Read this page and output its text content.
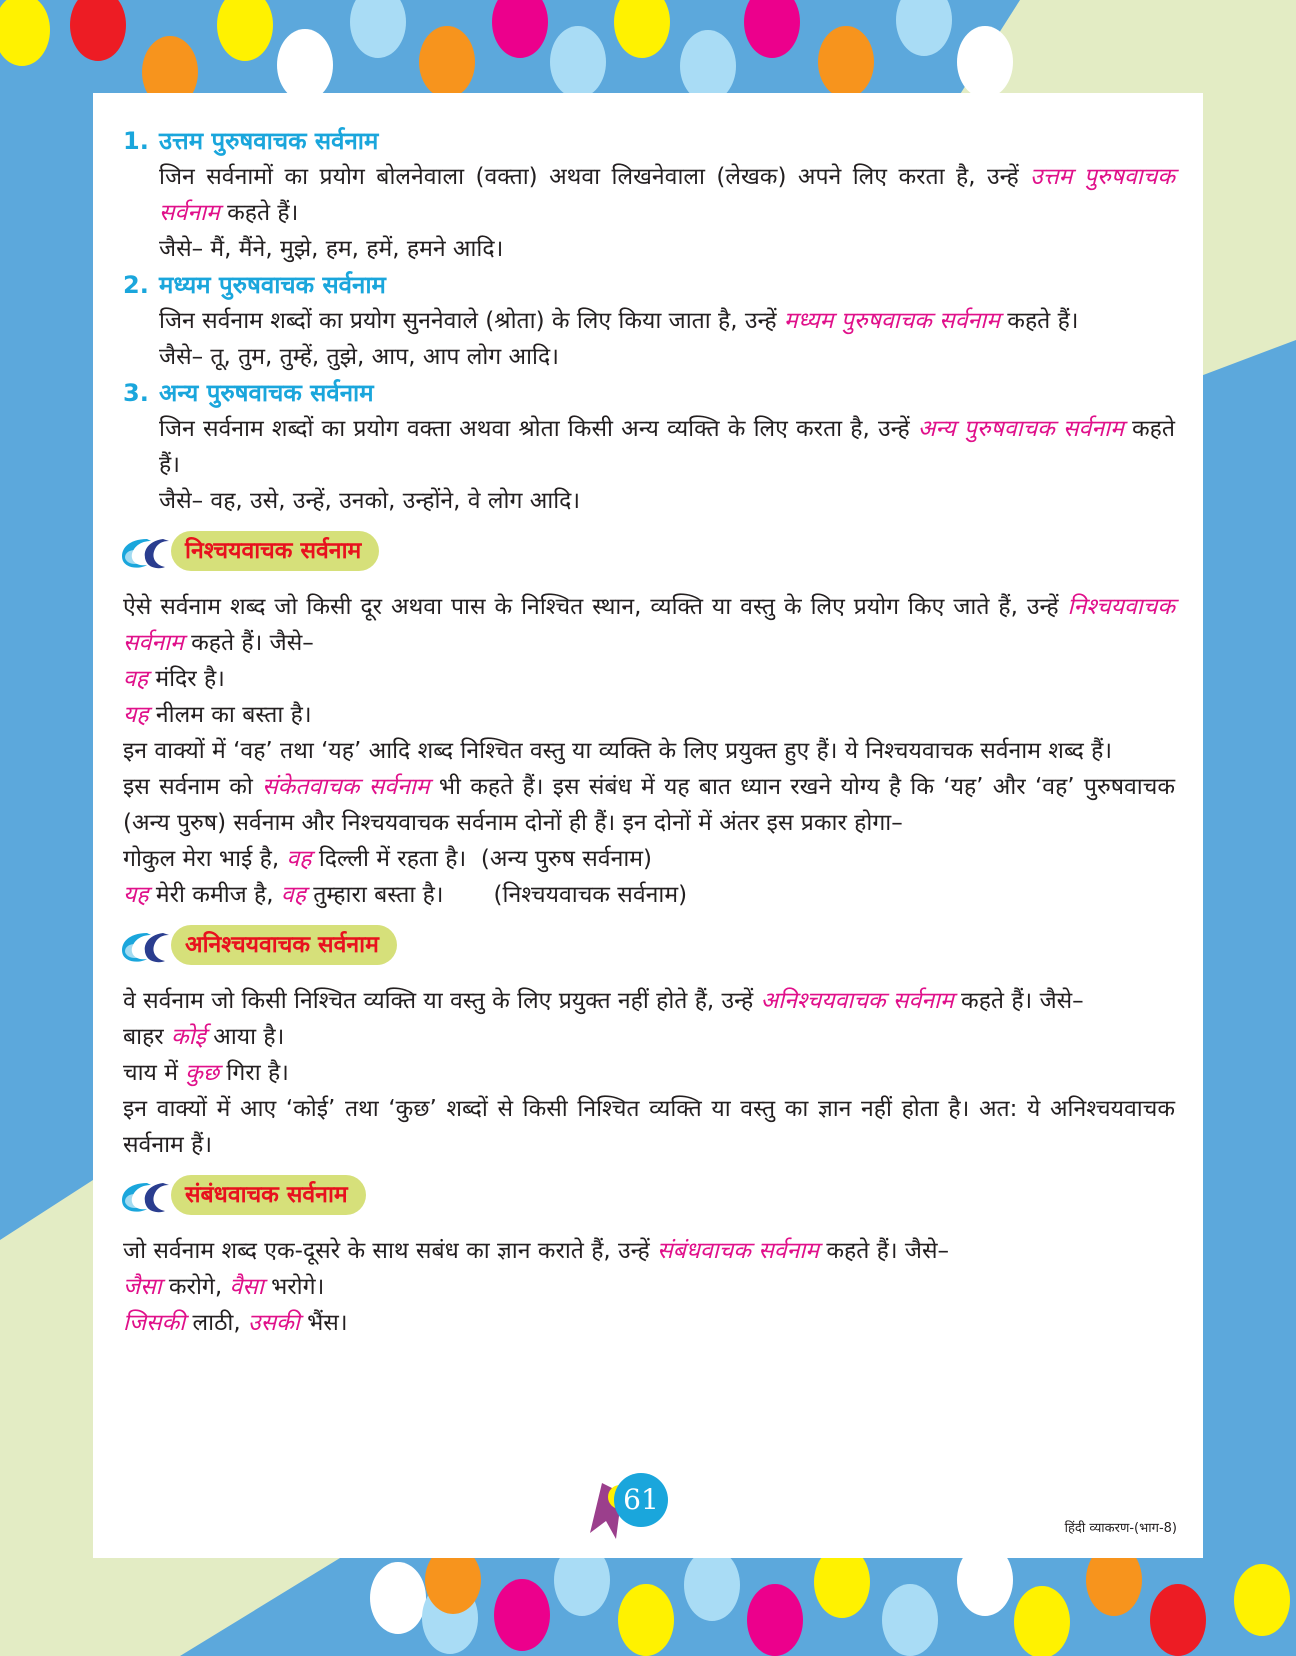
1. उत्तम पुरुषवाचक सर्वनाम
जिन सर्वनामों का प्रयोग बोलनेवाला (वक्ता) अथवा लिखनेवाला (लेखक) अपने लिए करता है, उन्हें उत्तम पुरुषवाचक सर्वनाम कहते हैं।
जैसे– मैं, मैंने, मुझे, हम, हमें, हमने आदि।
2. मध्यम पुरुषवाचक सर्वनाम
जिन सर्वनाम शब्दों का प्रयोग सुननेवाले (श्रोता) के लिए किया जाता है, उन्हें मध्यम पुरुषवाचक सर्वनाम कहते हैं।
जैसे– तू, तुम, तुम्हें, तुझे, आप, आप लोग आदि।
3. अन्य पुरुषवाचक सर्वनाम
जिन सर्वनाम शब्दों का प्रयोग वक्ता अथवा श्रोता किसी अन्य व्यक्ति के लिए करता है, उन्हें अन्य पुरुषवाचक सर्वनाम कहते हैं।
जैसे– वह, उसे, उन्हें, उनको, उन्होंने, वे लोग आदि।
निश्चयवाचक सर्वनाम
ऐसे सर्वनाम शब्द जो किसी दूर अथवा पास के निश्चित स्थान, व्यक्ति या वस्तु के लिए प्रयोग किए जाते हैं, उन्हें निश्चयवाचक सर्वनाम कहते हैं। जैसे–
वह मंदिर है।
यह नीलम का बस्ता है।
इन वाक्यों में ‘वह’ तथा ‘यह’ आदि शब्द निश्चित वस्तु या व्यक्ति के लिए प्रयुक्त हुए हैं। ये निश्चयवाचक सर्वनाम शब्द हैं।
इस सर्वनाम को संकेतवाचक सर्वनाम भी कहते हैं। इस संबंध में यह बात ध्यान रखने योग्य है कि ‘यह’ और ‘वह’ पुरुषवाचक (अन्य पुरुष) सर्वनाम और निश्चयवाचक सर्वनाम दोनों ही हैं। इन दोनों में अंतर इस प्रकार होगा–
गोकुल मेरा भाई है, वह दिल्ली में रहता है। (अन्य पुरुष सर्वनाम)
यह मेरी कमीज है, वह तुम्हारा बस्ता है। (निश्चयवाचक सर्वनाम)
अनिश्चयवाचक सर्वनाम
वे सर्वनाम जो किसी निश्चित व्यक्ति या वस्तु के लिए प्रयुक्त नहीं होते हैं, उन्हें अनिश्चयवाचक सर्वनाम कहते हैं। जैसे–
बाहर कोई आया है।
चाय में कुछ गिरा है।
इन वाक्यों में आए ‘कोई’ तथा ‘कुछ’ शब्दों से किसी निश्चित व्यक्ति या वस्तु का ज्ञान नहीं होता है। अत: ये अनिश्चयवाचक सर्वनाम हैं।
संबंधवाचक सर्वनाम
जो सर्वनाम शब्द एक-दूसरे के साथ सबंध का ज्ञान कराते हैं, उन्हें संबंधवाचक सर्वनाम कहते हैं। जैसे–
जैसा करोगे, वैसा भरोगे।
जिसकी लाठी, उसकी भैंस।
61
हिंदी व्याकरण-(भाग-8)
